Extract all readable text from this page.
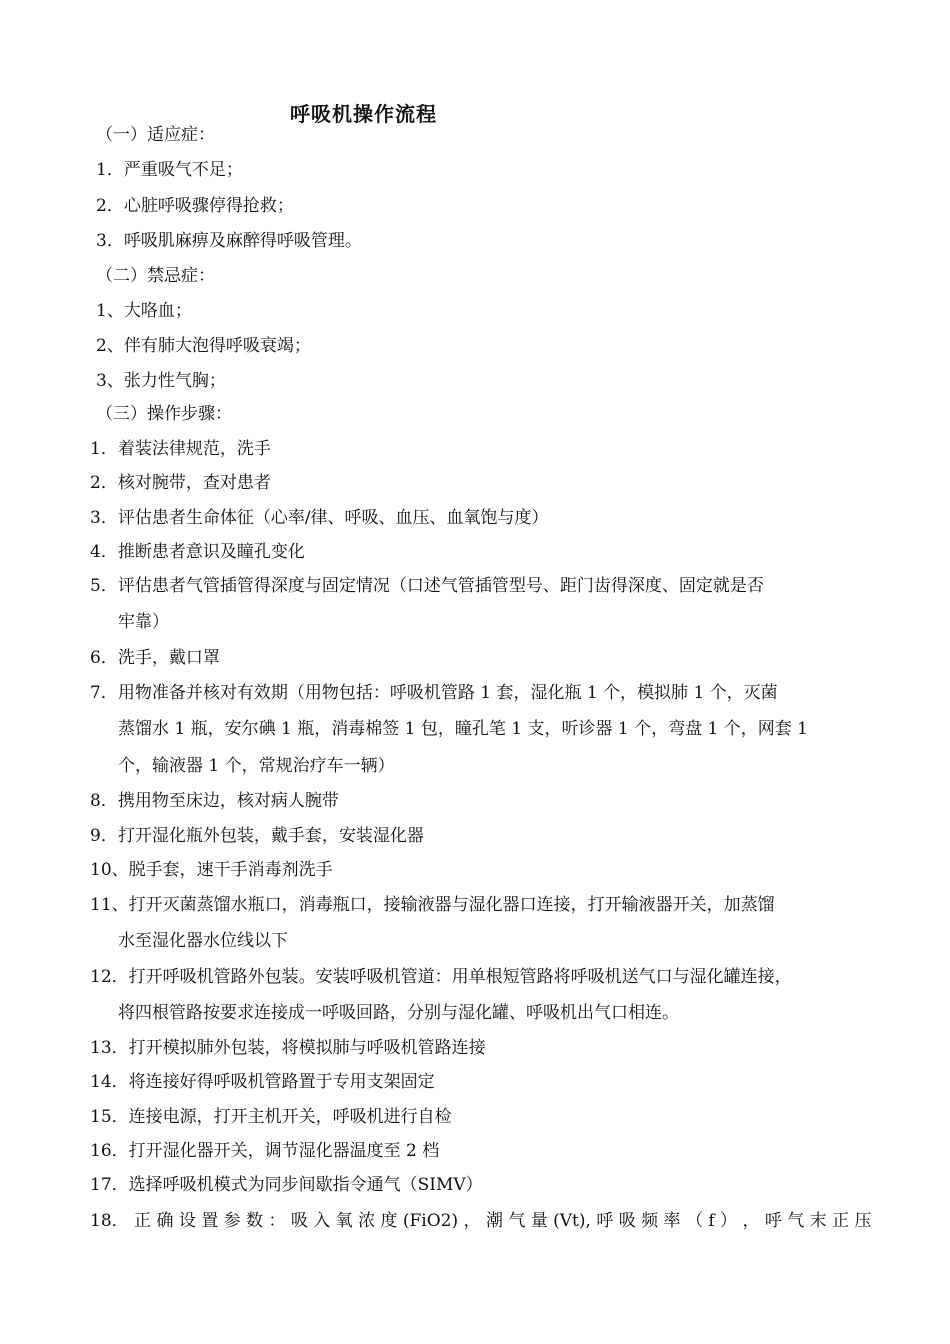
呼吸机操作流程

（一）适应症：

1．严重吸气不足；

2．心脏呼吸骤停得抢救；

3．呼吸肌麻痹及麻醉得呼吸管理。

（二）禁忌症：

1、大咯血；

2、伴有肺大泡得呼吸衰竭；

3、张力性气胸；

（三）操作步骤：

1．着装法律规范，洗手

2．核对腕带，查对患者

3．评估患者生命体征（心率/律、呼吸、血压、血氧饱与度）

4．推断患者意识及瞳孔变化

5．评估患者气管插管得深度与固定情况（口述气管插管型号、距门齿得深度、固定就是否

牢靠）

6．洗手，戴口罩

7．用物准备并核对有效期（用物包括：呼吸机管路 1 套，湿化瓶 1 个，模拟肺 1 个，灭菌

蒸馏水 1 瓶，安尔碘 1 瓶，消毒棉签 1 包，瞳孔笔 1 支，听诊器 1 个，弯盘 1 个，网套 1

个，输液器 1 个，常规治疗车一辆）

8．携用物至床边，核对病人腕带

9．打开湿化瓶外包装，戴手套，安装湿化器

10、脱手套，速干手消毒剂洗手

11、打开灭菌蒸馏水瓶口，消毒瓶口，接输液器与湿化器口连接，打开输液器开关，加蒸馏

水至湿化器水位线以下

12．打开呼吸机管路外包装。安装呼吸机管道：用单根短管路将呼吸机送气口与湿化罐连接，

将四根管路按要求连接成一呼吸回路，分别与湿化罐、呼吸机出气口相连。

13．打开模拟肺外包装，将模拟肺与呼吸机管路连接

14．将连接好得呼吸机管路置于专用支架固定

15．连接电源，打开主机开关，呼吸机进行自检

16．打开湿化器开关，调节湿化器温度至 2 档

17．选择呼吸机模式为同步间歇指令通气（SIMV）

18． 正 确 设 置 参 数 ： 吸 入 氧 浓 度 (FiO2) ， 潮 气 量 (Vt), 呼 吸 频 率 （ f ） ， 呼 气 末 正 压
